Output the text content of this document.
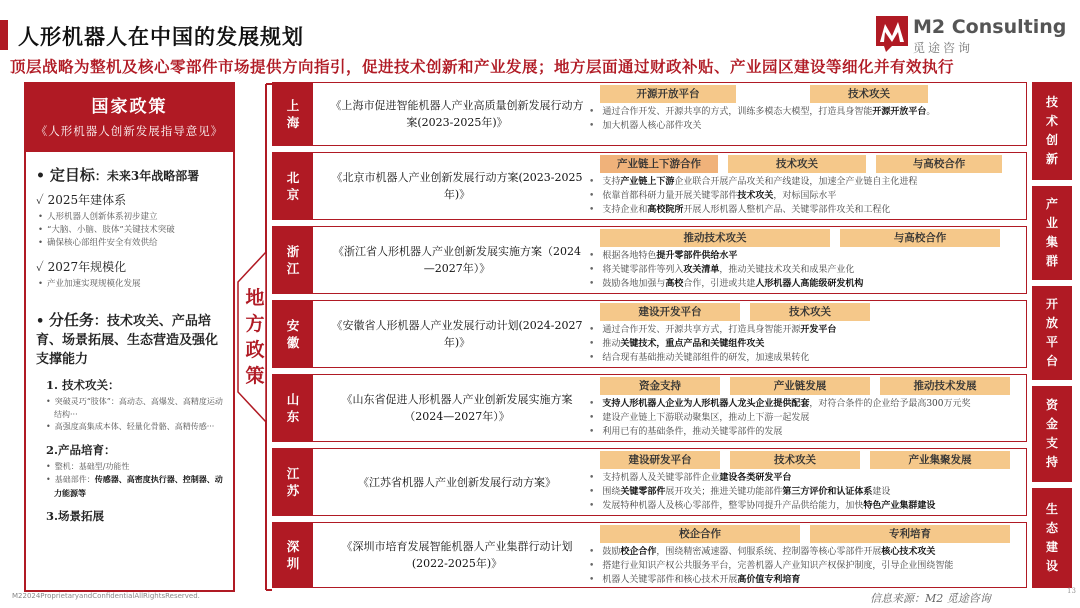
人形机器人在中国的发展规划
顶层战略为整机及核心零部件市场提供方向指引，促进技术创新和产业发展；地方层面通过财政补贴、产业园区建设等细化并有效执行
M2 Consulting
觅途咨询
国家政策
《人形机器人创新发展指导意见》
• 定目标：未来3年战略部署
✓ 2025年建体系
• 人形机器人创新体系初步建立
• “大脑、小脑、肢体”关键技术突破
• 确保核心部组件安全有效供给
✓ 2027年规模化
• 产业加速实现规模化发展
• 分任务：技术攻关、产品培育、场景拓展、生态营造及强化支撑能力
1. 技术攻关：
• 突破灵巧“肢体”：高动态、高爆发、高精度运动结构···
• 高强度高集成本体、轻量化骨骼、高精传感···
2.产品培育：
• 整机：基础型/功能性
• 基础部件：传感器、高密度执行器、控制器、动力能源等
3.场景拓展
地方政策
上海
《上海市促进智能机器人产业高质量创新发展行动方案(2023-2025年)》
开源开放平台	技术攻关
• 通过合作开发、开源共享的方式，训练多模态大模型，打造具身智能开源开放平台。
• 加大机器人核心部件攻关
北京
《北京市机器人产业创新发展行动方案(2023-2025年)》
产业链上下游合作	技术攻关	与高校合作
• 支持产业链上下游企业联合开展产品攻关和产线建设，加速全产业链自主化进程
• 依靠首都科研力量开展关键零部件技术攻关，对标国际水平
• 支持企业和高校院所开展人形机器人整机产品、关键零部件攻关和工程化
浙江
《浙江省人形机器人产业创新发展实施方案（2024—2027年）》
推动技术攻关	与高校合作
• 根据各地特色提升零部件供给水平
• 将关键零部件等列入攻关清单，推动关键技术攻关和成果产业化
• 鼓励各地加强与高校合作，引进或共建人形机器人高能级研发机构
安徽
《安徽省人形机器人产业发展行动计划(2024-2027年)》
建设开发平台	技术攻关
• 通过合作开发、开源共享方式，打造具身智能开源开发平台
• 推动关键技术，重点产品和关键组件攻关
• 结合现有基础推动关键部组件的研发，加速成果转化
山东
《山东省促进人形机器人产业创新发展实施方案（2024—2027年）》
资金支持	产业链发展	推动技术发展
• 支持人形机器人企业为人形机器人龙头企业提供配套，对符合条件的企业给予最高300万元奖
• 建设产业链上下游联动聚集区，推动上下游一起发展
• 利用已有的基础条件，推动关键零部件的发展
江苏
《江苏省机器人产业创新发展行动方案》
建设研发平台	技术攻关	产业集聚发展
• 支持机器人及关键零部件企业建设各类研发平台
• 围绕关键零部件展开攻关；推进关键功能部件第三方评价和认证体系建设
• 发展特种机器人及核心零部件，整零协同提升产品供给能力，加快特色产业集群建设
深圳
《深圳市培育发展智能机器人产业集群行动计划(2022-2025年)》
校企合作	专利培育
• 鼓励校企合作，围绕精密减速器、伺服系统、控制器等核心零部件开展核心技术攻关
• 搭建行业知识产权公共服务平台，完善机器人产业知识产权保护制度，引导企业围绕智能
• 机器人关键零部件和核心技术开展高价值专利培育
技术创新
产业集群
开放平台
资金支持
生态建设
M22024ProprietaryandConfidentialAllRightsReserved.	信息来源：M2 觅途咨询
13
